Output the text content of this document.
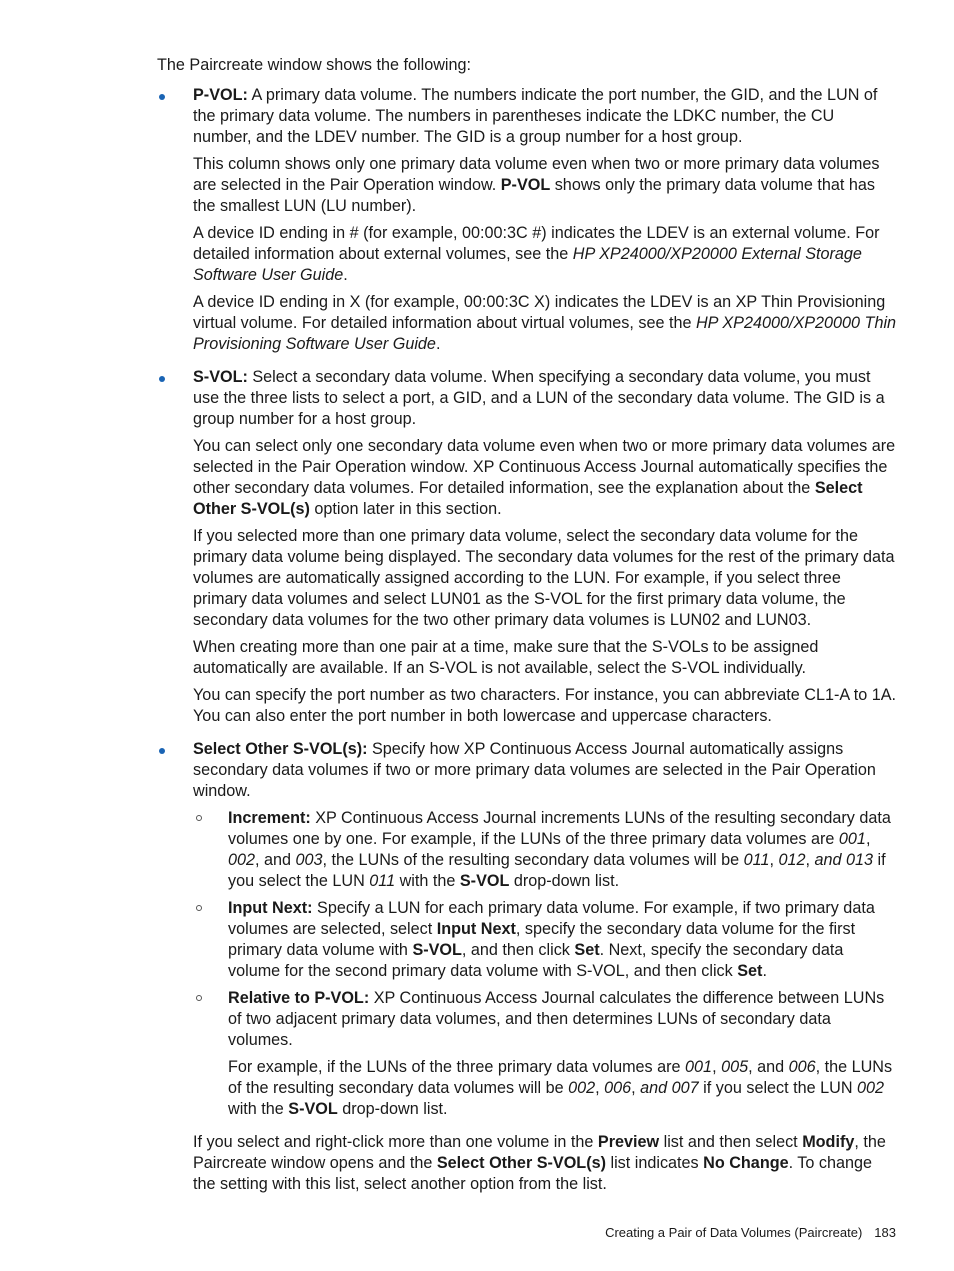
The Paircreate window shows the following:

P-VOL: A primary data volume. The numbers indicate the port number, the GID, and the LUN of the primary data volume. The numbers in parentheses indicate the LDKC number, the CU number, and the LDEV number. The GID is a group number for a host group.

This column shows only one primary data volume even when two or more primary data volumes are selected in the Pair Operation window. P-VOL shows only the primary data volume that has the smallest LUN (LU number).

A device ID ending in # (for example, 00:00:3C #) indicates the LDEV is an external volume. For detailed information about external volumes, see the HP XP24000/XP20000 External Storage Software User Guide.

A device ID ending in X (for example, 00:00:3C X) indicates the LDEV is an XP Thin Provisioning virtual volume. For detailed information about virtual volumes, see the HP XP24000/XP20000 Thin Provisioning Software User Guide.

S-VOL: Select a secondary data volume. When specifying a secondary data volume, you must use the three lists to select a port, a GID, and a LUN of the secondary data volume. The GID is a group number for a host group.

You can select only one secondary data volume even when two or more primary data volumes are selected in the Pair Operation window. XP Continuous Access Journal automatically specifies the other secondary data volumes. For detailed information, see the explanation about the Select Other S-VOL(s) option later in this section.

If you selected more than one primary data volume, select the secondary data volume for the primary data volume being displayed. The secondary data volumes for the rest of the primary data volumes are automatically assigned according to the LUN. For example, if you select three primary data volumes and select LUN01 as the S-VOL for the first primary data volume, the secondary data volumes for the two other primary data volumes is LUN02 and LUN03.

When creating more than one pair at a time, make sure that the S-VOLs to be assigned automatically are available. If an S-VOL is not available, select the S-VOL individually.

You can specify the port number as two characters. For instance, you can abbreviate CL1-A to 1A. You can also enter the port number in both lowercase and uppercase characters.

Select Other S-VOL(s): Specify how XP Continuous Access Journal automatically assigns secondary data volumes if two or more primary data volumes are selected in the Pair Operation window.

Increment: XP Continuous Access Journal increments LUNs of the resulting secondary data volumes one by one. For example, if the LUNs of the three primary data volumes are 001, 002, and 003, the LUNs of the resulting secondary data volumes will be 011, 012, and 013 if you select the LUN 011 with the S-VOL drop-down list.

Input Next: Specify a LUN for each primary data volume. For example, if two primary data volumes are selected, select Input Next, specify the secondary data volume for the first primary data volume with S-VOL, and then click Set. Next, specify the secondary data volume for the second primary data volume with S-VOL, and then click Set.

Relative to P-VOL: XP Continuous Access Journal calculates the difference between LUNs of two adjacent primary data volumes, and then determines LUNs of secondary data volumes.

For example, if the LUNs of the three primary data volumes are 001, 005, and 006, the LUNs of the resulting secondary data volumes will be 002, 006, and 007 if you select the LUN 002 with the S-VOL drop-down list.

If you select and right-click more than one volume in the Preview list and then select Modify, the Paircreate window opens and the Select Other S-VOL(s) list indicates No Change. To change the setting with this list, select another option from the list.

Creating a Pair of Data Volumes (Paircreate) 183
